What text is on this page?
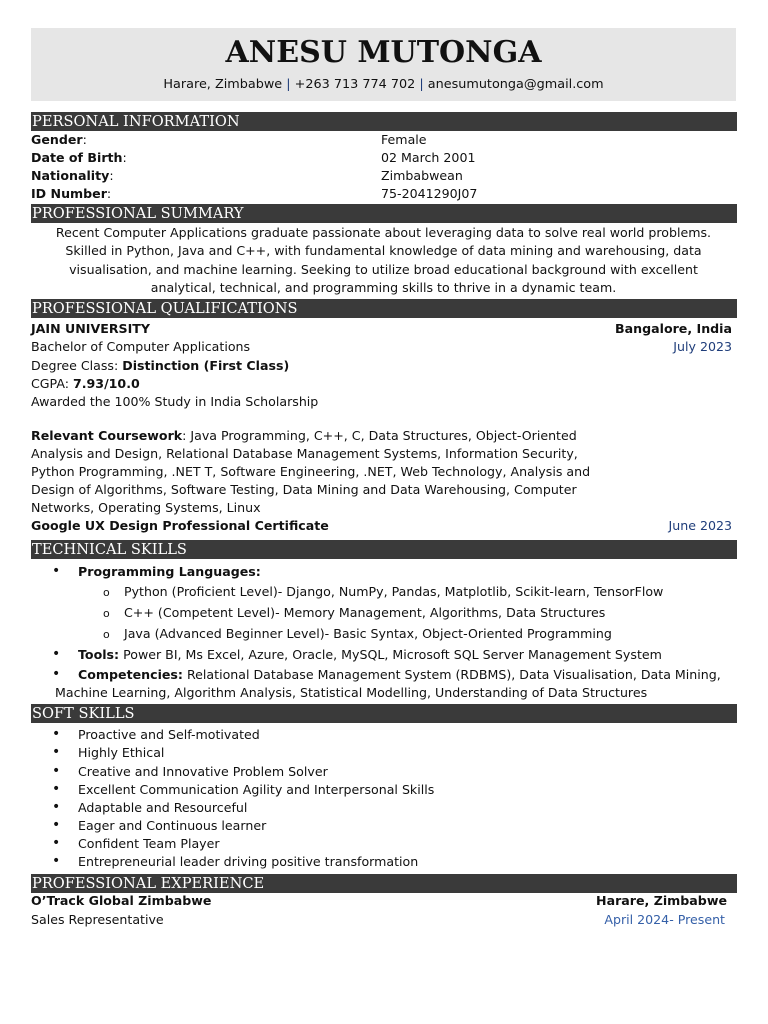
ANESU MUTONGA
Harare, Zimbabwe | +263 713 774 702 | anesumutonga@gmail.com
PERSONAL INFORMATION
Gender:	Female
Date of Birth:	02 March 2001
Nationality:	Zimbabwean
ID Number:	75-2041290J07
PROFESSIONAL SUMMARY
Recent Computer Applications graduate passionate about leveraging data to solve real world problems.
Skilled in Python, Java and C++, with fundamental knowledge of data mining and warehousing, data
visualisation, and machine learning. Seeking to utilize broad educational background with excellent
analytical, technical, and programming skills to thrive in a dynamic team.
PROFESSIONAL QUALIFICATIONS
JAIN UNIVERSITY	Bangalore, India
Bachelor of Computer Applications	July 2023
Degree Class: Distinction (First Class)
CGPA: 7.93/10.0
Awarded the 100% Study in India Scholarship
Relevant Coursework: Java Programming, C++, C, Data Structures, Object-Oriented
Analysis and Design, Relational Database Management Systems, Information Security,
Python Programming, .NET T, Software Engineering, .NET, Web Technology, Analysis and
Design of Algorithms, Software Testing, Data Mining and Data Warehousing, Computer
Networks, Operating Systems, Linux
Google UX Design Professional Certificate	June 2023
TECHNICAL SKILLS
• Programming Languages:
o Python (Proficient Level)- Django, NumPy, Pandas, Matplotlib, Scikit-learn, TensorFlow
o C++ (Competent Level)- Memory Management, Algorithms, Data Structures
o Java (Advanced Beginner Level)- Basic Syntax, Object-Oriented Programming
• Tools: Power BI, Ms Excel, Azure, Oracle, MySQL, Microsoft SQL Server Management System
• Competencies: Relational Database Management System (RDBMS), Data Visualisation, Data Mining,
Machine Learning, Algorithm Analysis, Statistical Modelling, Understanding of Data Structures
SOFT SKILLS
• Proactive and Self-motivated
• Highly Ethical
• Creative and Innovative Problem Solver
• Excellent Communication Agility and Interpersonal Skills
• Adaptable and Resourceful
• Eager and Continuous learner
• Confident Team Player
• Entrepreneurial leader driving positive transformation
PROFESSIONAL EXPERIENCE
O’Track Global Zimbabwe	Harare, Zimbabwe
Sales Representative	April 2024- Present
